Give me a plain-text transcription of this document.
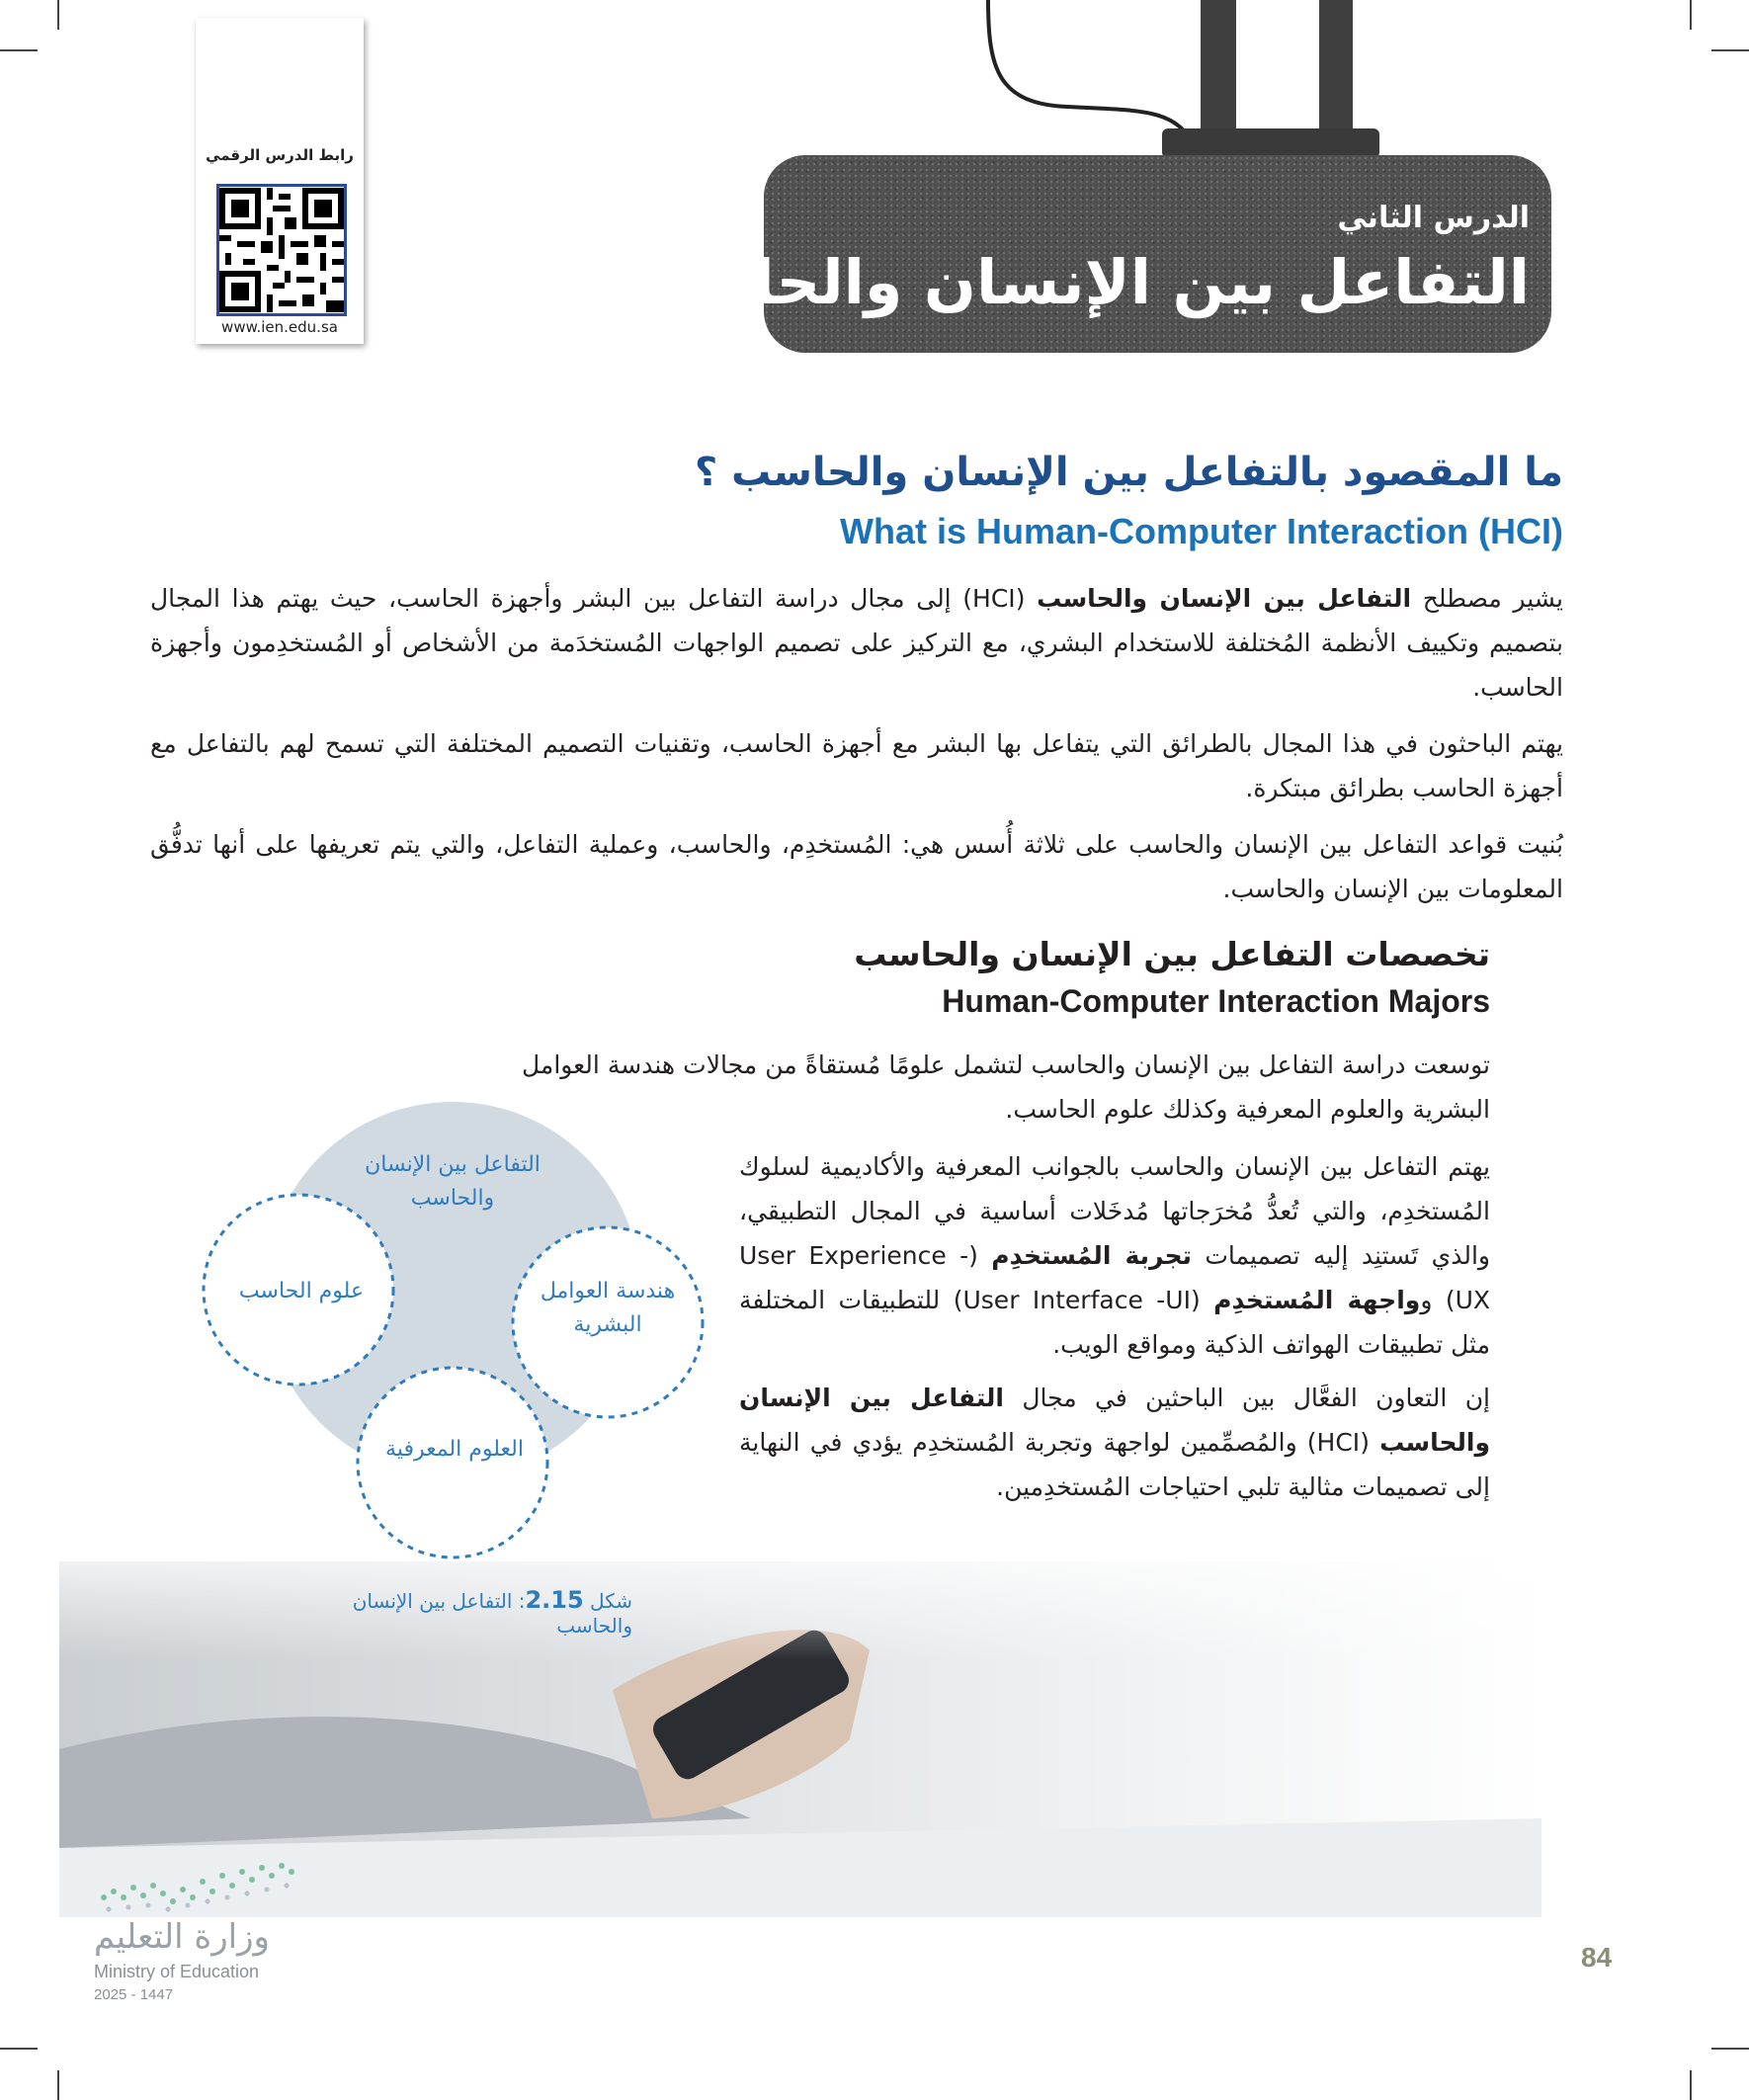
رابط الدرس الرقمي
www.ien.edu.sa
الدرس الثاني
التفاعل بين الإنسان والحاسب
ما المقصود بالتفاعل بين الإنسان والحاسب ؟
What is Human-Computer Interaction (HCI)
يشير مصطلح التفاعل بين الإنسان والحاسب (HCI) إلى مجال دراسة التفاعل بين البشر وأجهزة الحاسب، حيث يهتم هذا المجال بتصميم وتكييف الأنظمة المُختلفة للاستخدام البشري، مع التركيز على تصميم الواجهات المُستخدَمة من الأشخاص أو المُستخدِمون وأجهزة الحاسب.
يهتم الباحثون في هذا المجال بالطرائق التي يتفاعل بها البشر مع أجهزة الحاسب، وتقنيات التصميم المختلفة التي تسمح لهم بالتفاعل مع أجهزة الحاسب بطرائق مبتكرة.
بُنيت قواعد التفاعل بين الإنسان والحاسب على ثلاثة أُسس هي: المُستخدِم، والحاسب، وعملية التفاعل، والتي يتم تعريفها على أنها تدفُّق المعلومات بين الإنسان والحاسب.
تخصصات التفاعل بين الإنسان والحاسب
Human-Computer Interaction Majors
توسعت دراسة التفاعل بين الإنسان والحاسب لتشمل علومًا مُستقاةً من مجالات هندسة العوامل البشرية والعلوم المعرفية وكذلك علوم الحاسب.
يهتم التفاعل بين الإنسان والحاسب بالجوانب المعرفية والأكاديمية لسلوك المُستخدِم، والتي تُعدُّ مُخرَجاتها مُدخَلات أساسية في المجال التطبيقي، والذي تَستنِد إليه تصميمات تجربة المُستخدِم (User Experience -UX) وواجهة المُستخدِم (User Interface -UI) للتطبيقات المختلفة مثل تطبيقات الهواتف الذكية ومواقع الويب.
إن التعاون الفعَّال بين الباحثين في مجال التفاعل بين الإنسان والحاسب (HCI) والمُصمِّمين لواجهة وتجربة المُستخدِم يؤدي في النهاية إلى تصميمات مثالية تلبي احتياجات المُستخدِمين.
التفاعل بين الإنسان والحاسب
علوم الحاسب	هندسة العوامل البشرية
العلوم المعرفية
شكل 2.15: التفاعل بين الإنسان والحاسب
وزارة التعليم
Ministry of Education
2025 - 1447
84
